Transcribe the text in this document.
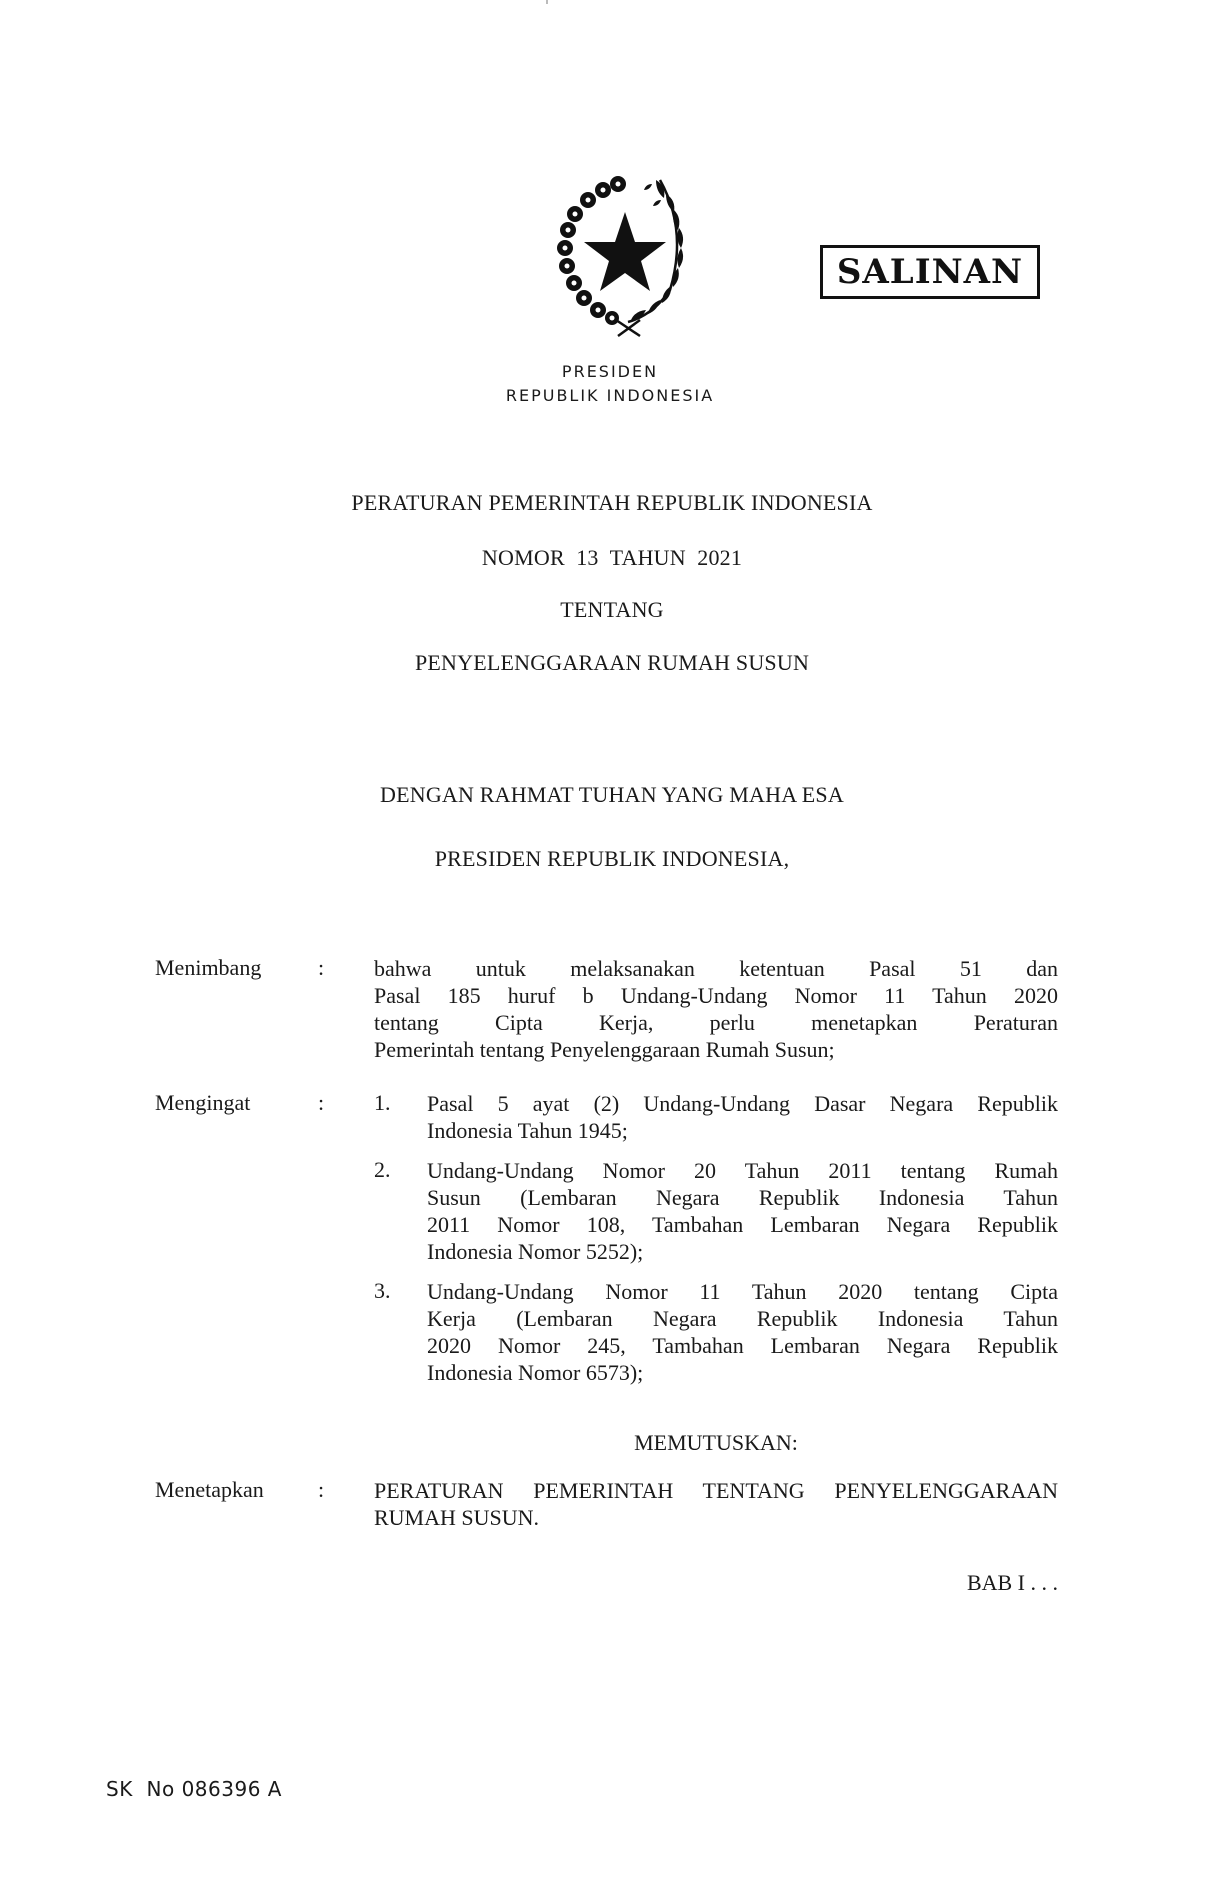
SALINAN
PRESIDEN
REPUBLIK INDONESIA
PERATURAN PEMERINTAH REPUBLIK INDONESIA
NOMOR  13  TAHUN  2021
TENTANG
PENYELENGGARAAN RUMAH SUSUN
DENGAN RAHMAT TUHAN YANG MAHA ESA
PRESIDEN REPUBLIK INDONESIA,
Menimbang	: bahwa untuk melaksanakan ketentuan Pasal 51 dan
Pasal 185 huruf b Undang-Undang Nomor 11 Tahun 2020
tentang Cipta Kerja, perlu menetapkan Peraturan
Pemerintah tentang Penyelenggaraan Rumah Susun;
Mengingat	: 1. Pasal 5 ayat (2) Undang-Undang Dasar Negara Republik
Indonesia Tahun 1945;
2. Undang-Undang Nomor 20 Tahun 2011 tentang Rumah
Susun (Lembaran Negara Republik Indonesia Tahun
2011 Nomor 108, Tambahan Lembaran Negara Republik
Indonesia Nomor 5252);
3. Undang-Undang Nomor 11 Tahun 2020 tentang Cipta
Kerja (Lembaran Negara Republik Indonesia Tahun
2020 Nomor 245, Tambahan Lembaran Negara Republik
Indonesia Nomor 6573);
MEMUTUSKAN:
Menetapkan : PERATURAN PEMERINTAH TENTANG PENYELENGGARAAN
RUMAH SUSUN.
BAB I . . .
SK  No 086396 A
